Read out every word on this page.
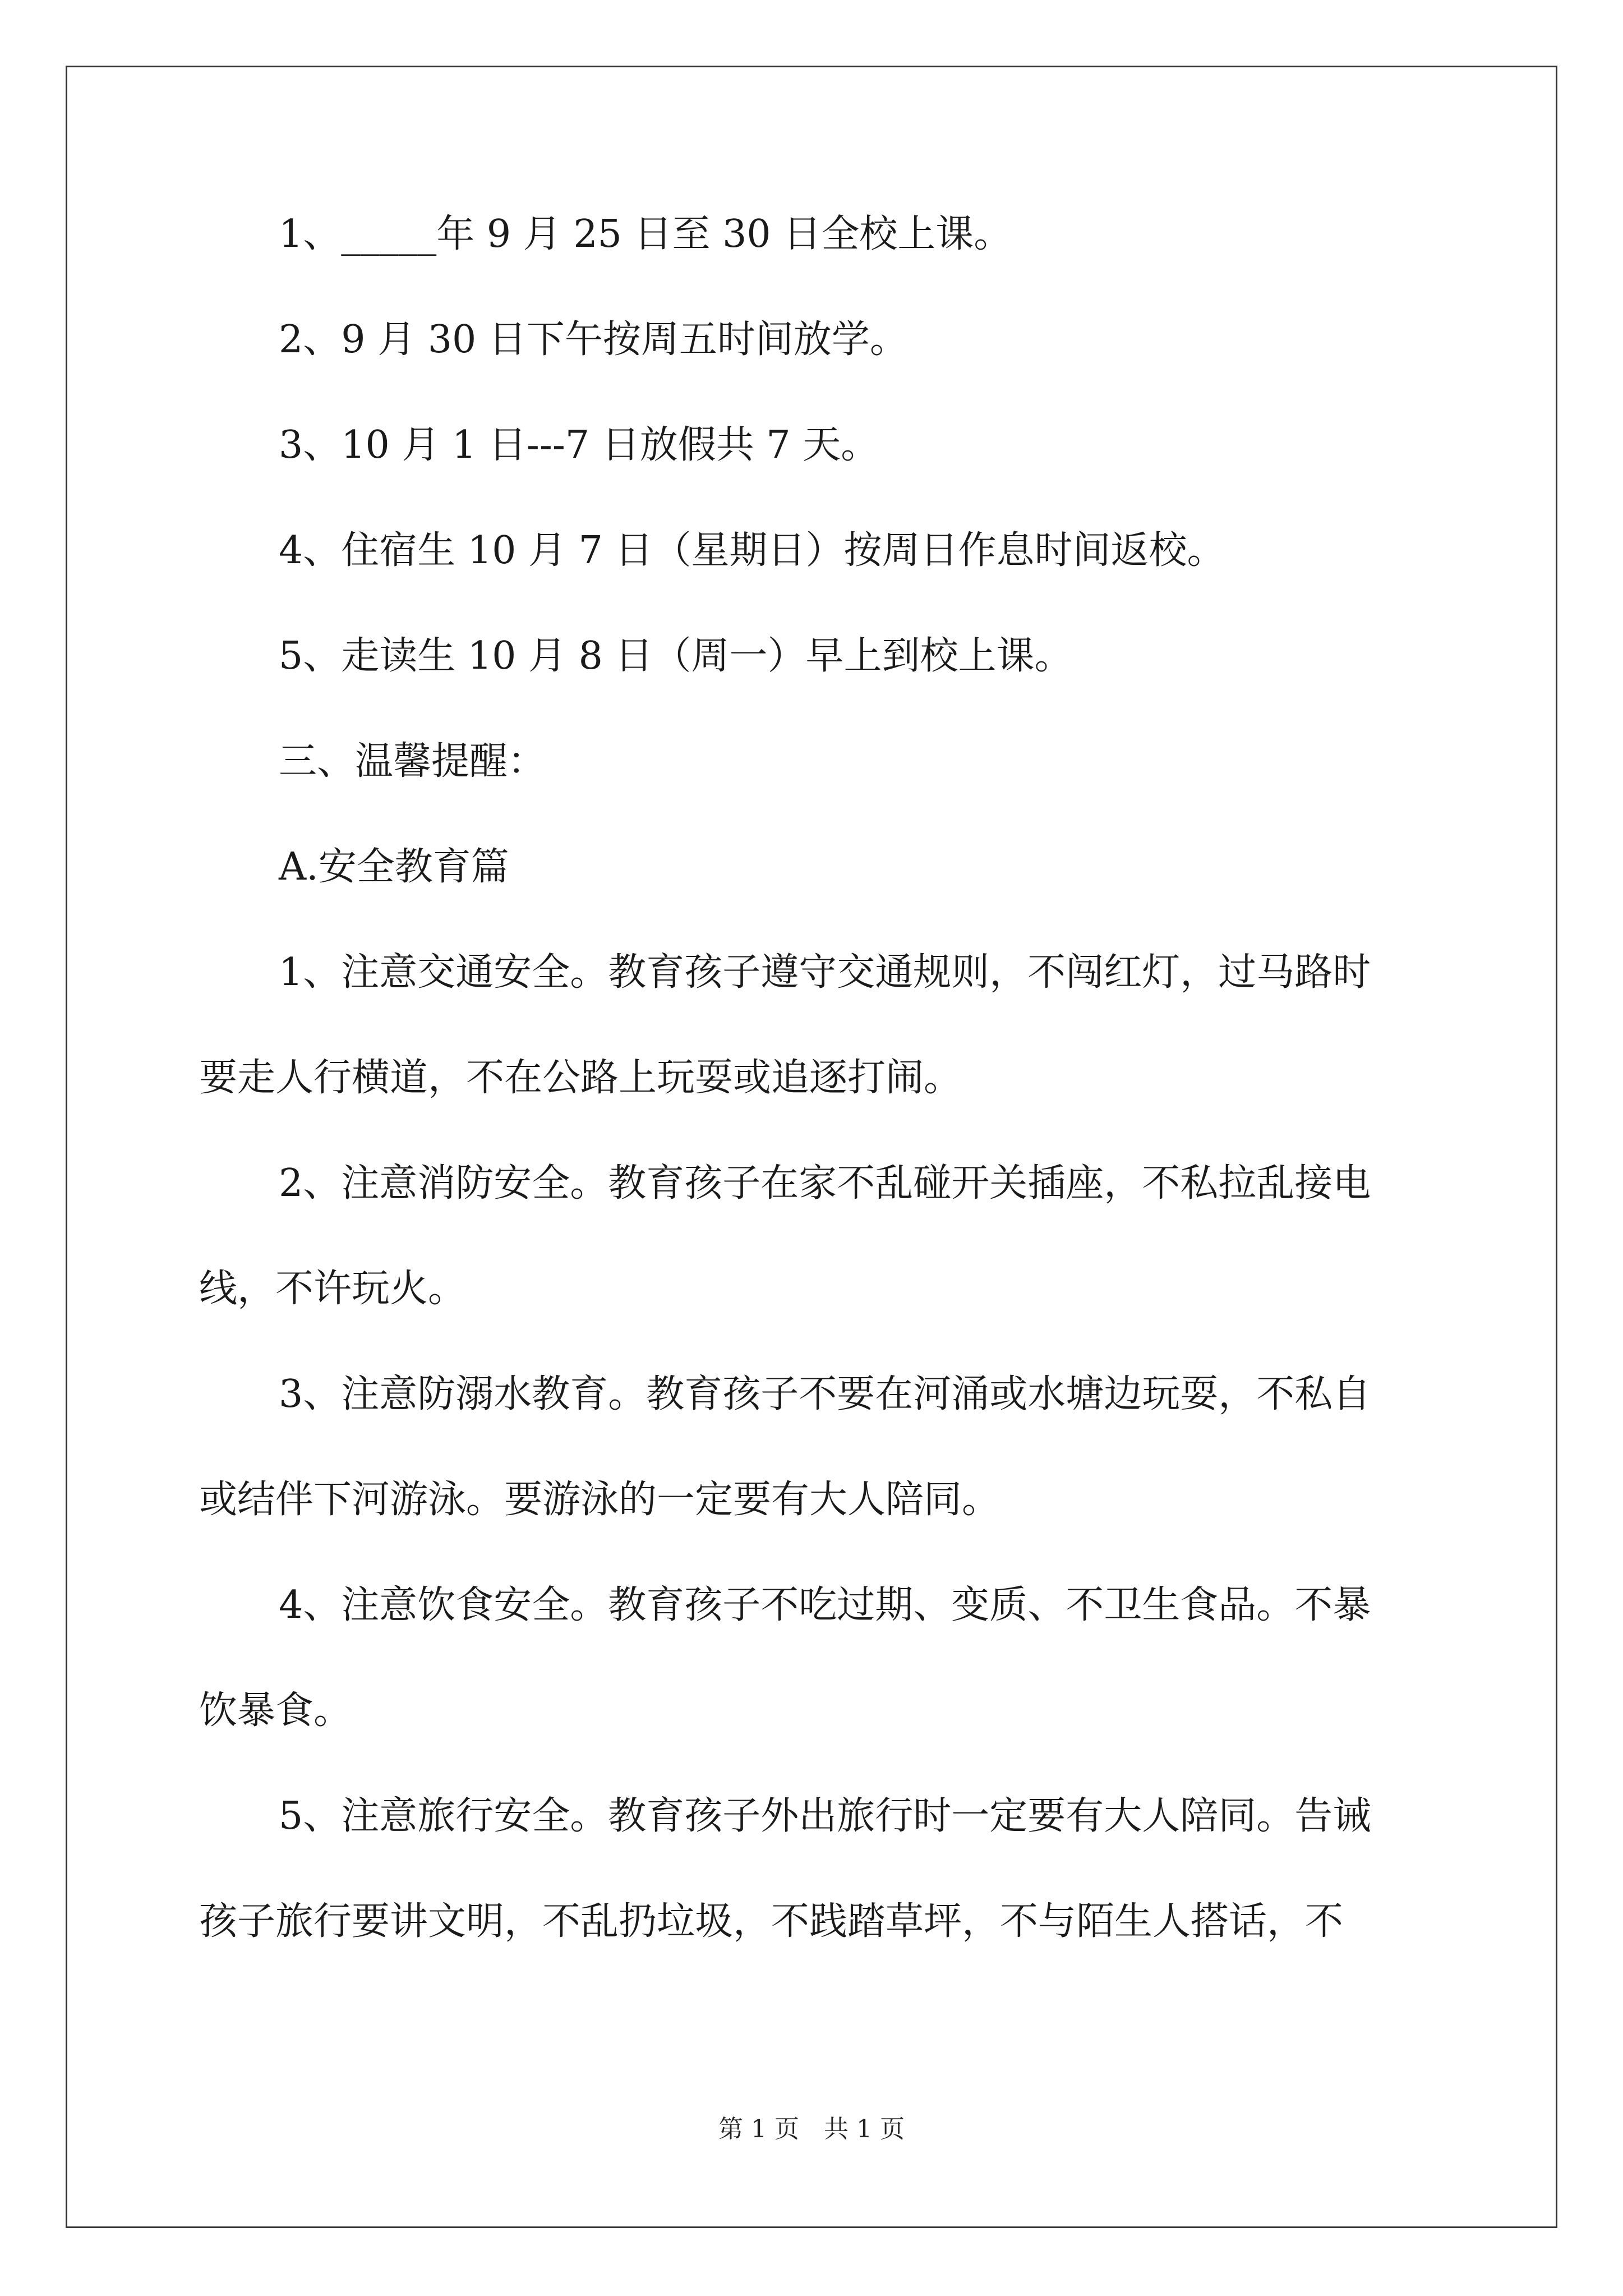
1、_____年 9 月 25 日至 30 日全校上课。

2、9 月 30 日下午按周五时间放学。

3、10 月 1 日---7 日放假共 7 天。

4、住宿生 10 月 7 日（星期日）按周日作息时间返校。

5、走读生 10 月 8 日（周一）早上到校上课。

三、温馨提醒：

A.安全教育篇

1、注意交通安全。教育孩子遵守交通规则，不闯红灯，过马路时

要走人行横道，不在公路上玩耍或追逐打闹。

2、注意消防安全。教育孩子在家不乱碰开关插座，不私拉乱接电

线，不许玩火。

3、注意防溺水教育。教育孩子不要在河涌或水塘边玩耍，不私自

或结伴下河游泳。要游泳的一定要有大人陪同。

4、注意饮食安全。教育孩子不吃过期、变质、不卫生食品。不暴

饮暴食。

5、注意旅行安全。教育孩子外出旅行时一定要有大人陪同。告诫

孩子旅行要讲文明，不乱扔垃圾，不践踏草坪，不与陌生人搭话，不

第 1 页　共 1 页
